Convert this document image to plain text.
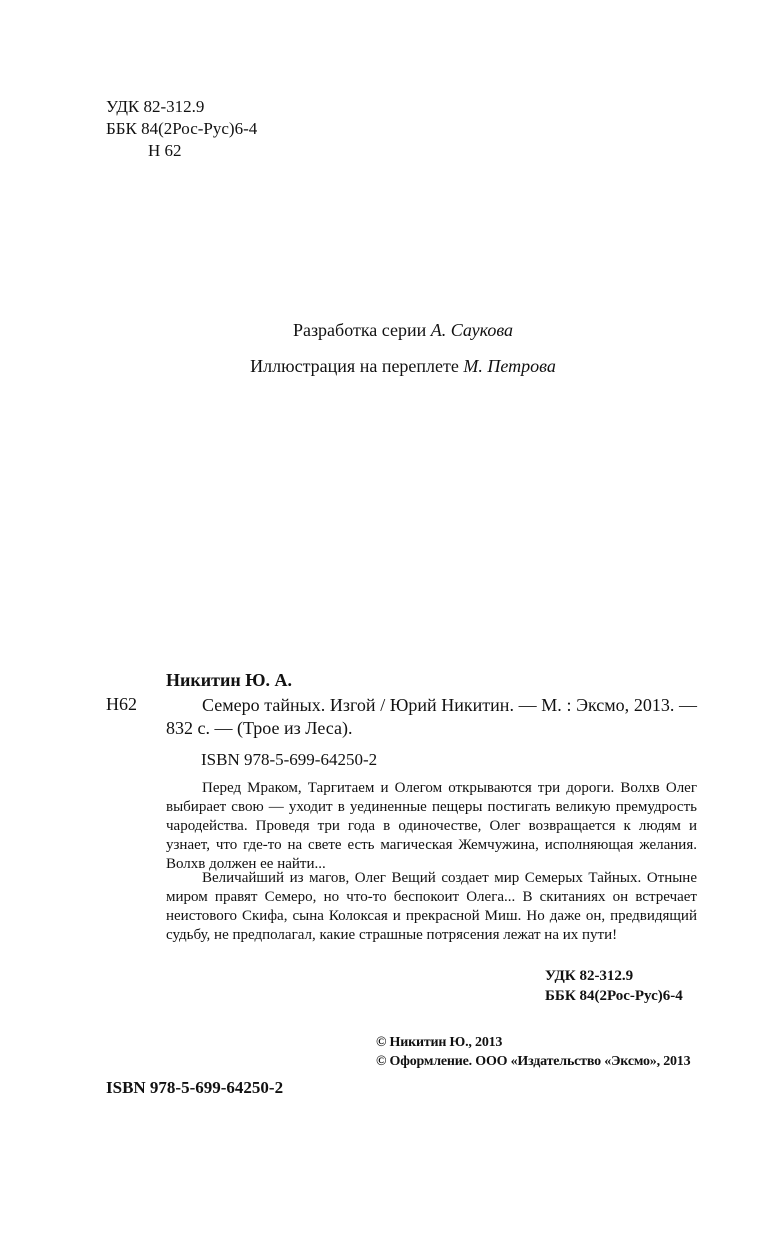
УДК 82-312.9
ББК 84(2Рос-Рус)6-4
Н 62
Разработка серии А. Саукова
Иллюстрация на переплете М. Петрова
Никитин Ю. А.
Н62	Семеро тайных. Изгой / Юрий Никитин. — М. : Эксмо, 2013. — 832 с. — (Трое из Леса).
ISBN 978-5-699-64250-2
Перед Мраком, Таргитаем и Олегом открываются три дороги. Волхв Олег выбирает свою — уходит в уединенные пещеры постигать великую премудрость чародейства. Проведя три года в одиночестве, Олег возвращается к людям и узнает, что где-то на свете есть магическая Жемчужина, исполняющая желания. Волхв должен ее найти...
Величайший из магов, Олег Вещий создает мир Семерых Тайных. Отныне миром правят Семеро, но что-то беспокоит Олега... В скитаниях он встречает неистового Скифа, сына Колоксая и прекрасной Миш. Но даже он, предвидящий судьбу, не предполагал, какие страшные потрясения лежат на их пути!
УДК 82-312.9
ББК 84(2Рос-Рус)6-4
© Никитин Ю., 2013
© Оформление. ООО «Издательство «Эксмо», 2013
ISBN 978-5-699-64250-2
